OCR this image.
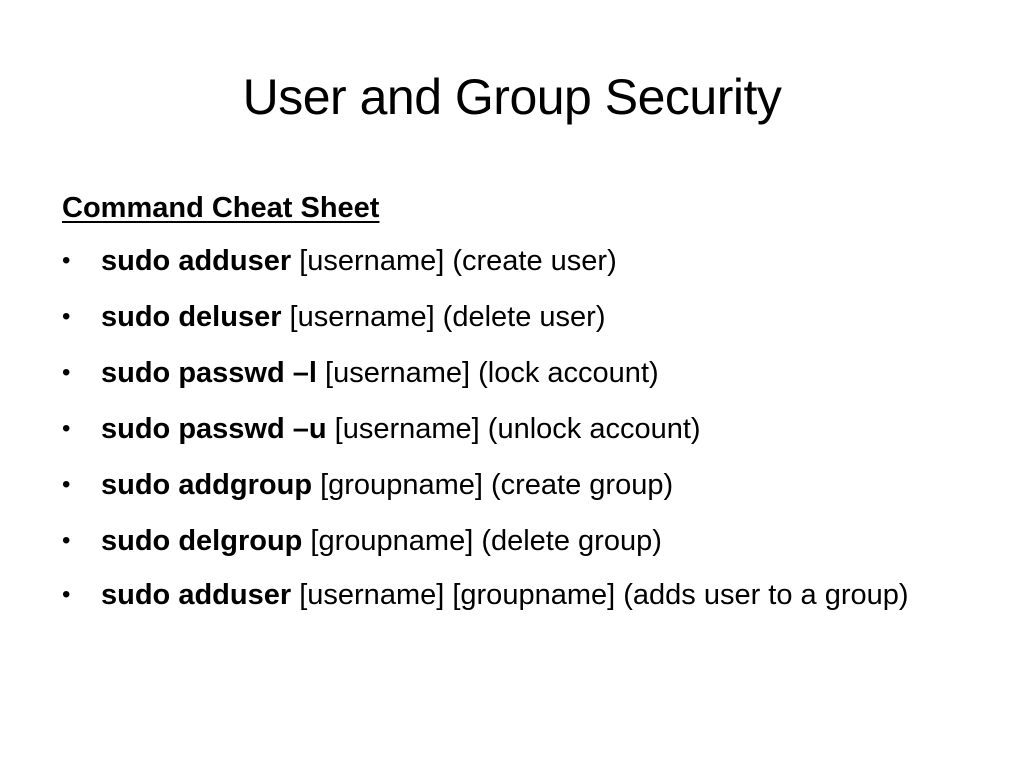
User and Group Security

Command Cheat Sheet

•	sudo adduser [username] (create user)
•	sudo deluser [username] (delete user)
•	sudo passwd –l [username] (lock account)
•	sudo passwd –u [username] (unlock account)
•	sudo addgroup [groupname] (create group)
•	sudo delgroup [groupname] (delete group)
•	sudo adduser [username] [groupname] (adds user to a group)
